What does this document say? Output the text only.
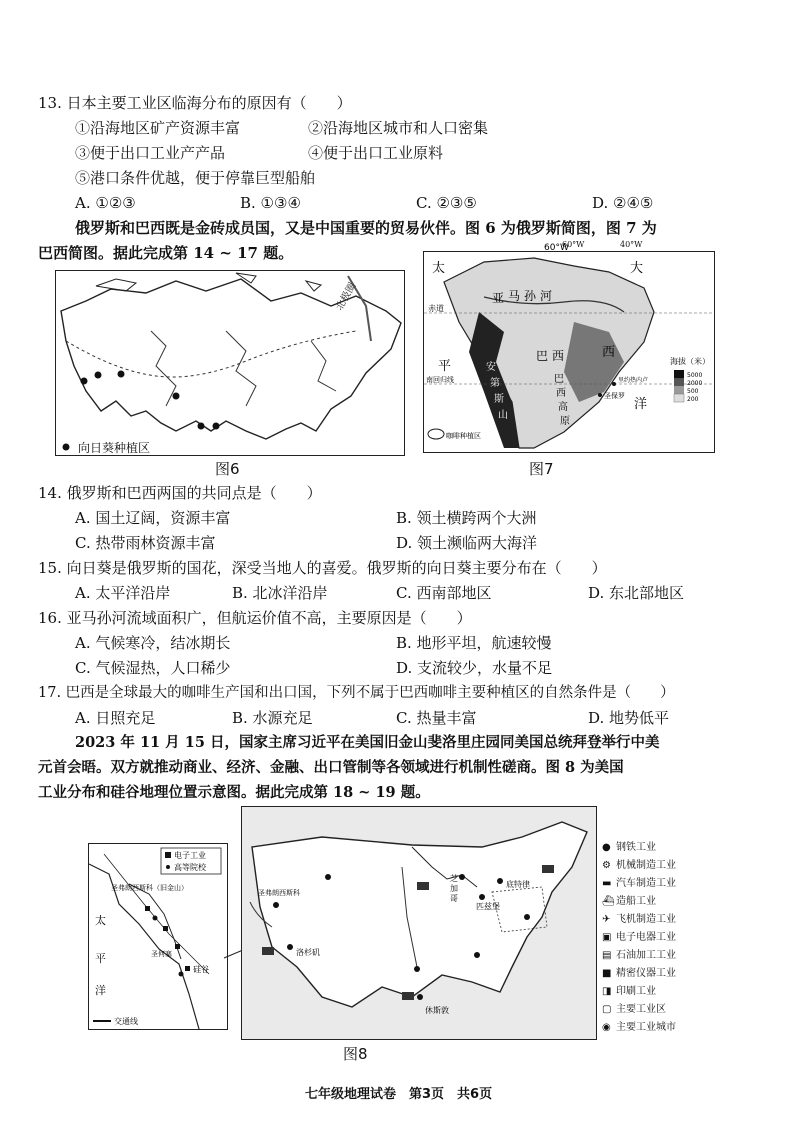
13. 日本主要工业区临海分布的原因有（　　）
①沿海地区矿产资源丰富	②沿海地区城市和人口密集
③便于出口工业产产品	④便于出口工业原料
⑤港口条件优越，便于停靠巨型船舶
A. ①②③	B. ①③④	C. ②③⑤	D. ②④⑤
俄罗斯和巴西既是金砖成员国，又是中国重要的贸易伙伴。图 6 为俄罗斯简图，图 7 为
巴西简图。据此完成第 14 ~ 17 题。
向日葵种植区
北极圈
图6
太	大
60°W
赤道
亚 马 孙 河
平
巴 西	西
洋
南回归线
安
第
斯
山
巴
西
高
原
咖啡种植区
圣保罗
里约热内卢
海拔（米）
5000
2000
500
200
60°W	40°W
图7
14. 俄罗斯和巴西两国的共同点是（　　）
A. 国土辽阔，资源丰富	B. 领土横跨两个大洲
C. 热带雨林资源丰富	D. 领土濒临两大海洋
15. 向日葵是俄罗斯的国花，深受当地人的喜爱。俄罗斯的向日葵主要分布在（　　）
A. 太平洋沿岸	B. 北冰洋沿岸	C. 西南部地区	D. 东北部地区
16. 亚马孙河流域面积广，但航运价值不高，主要原因是（　　）
A. 气候寒冷，结冰期长	B. 地形平坦，航速较慢
C. 气候湿热，人口稀少	D. 支流较少，水量不足
17. 巴西是全球最大的咖啡生产国和出口国，下列不属于巴西咖啡主要种植区的自然条件是（　　）
A. 日照充足	B. 水源充足	C. 热量丰富	D. 地势低平
2023 年 11 月 15 日，国家主席习近平在美国旧金山斐洛里庄园同美国总统拜登举行中美
元首会晤。双方就推动商业、经济、金融、出口管制等各领域进行机制性磋商。图 8 为美国
工业分布和硅谷地理位置示意图。据此完成第 18 ~ 19 题。
电子工业
高等院校
圣弗朗西斯科（旧金山）
太
平
洋
圣何塞
硅谷
交通线
圣弗朗西斯科
洛杉矶
芝
加
哥
匹兹堡
底特律
休斯敦
● 钢铁工业
⚙ 机械制造工业
▬ 汽车制造工业
⛴造船工业
✈ 飞机制造工业
▣ 电子电器工业
▤ 石油加工工业
■ 精密仪器工业
◨ 印刷工业
▢ 主要工业区
◉ 主要工业城市
图8
七年级地理试卷　第3页　共6页
